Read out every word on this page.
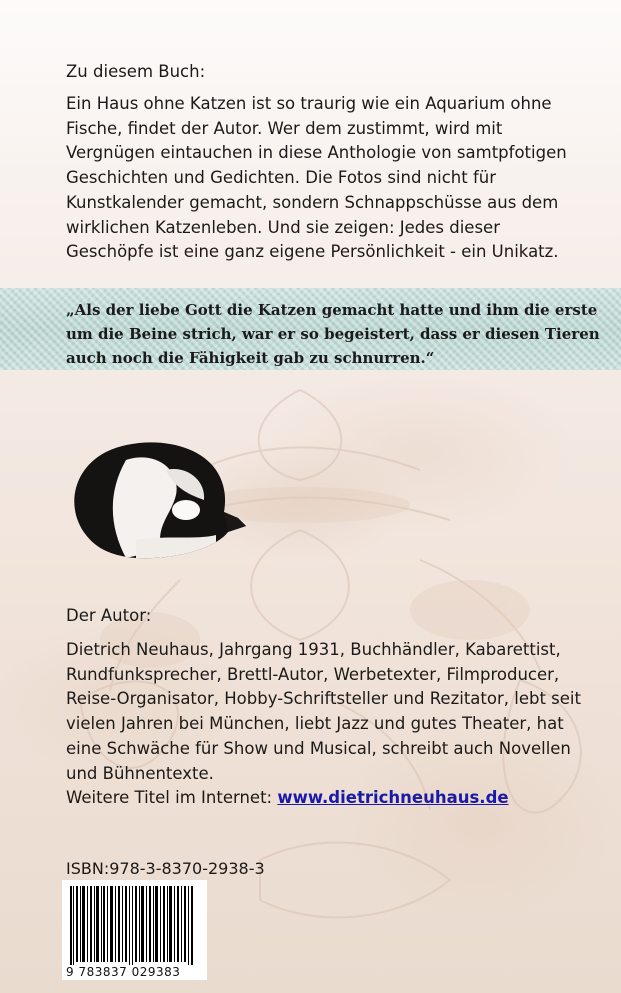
Zu diesem Buch:
Ein Haus ohne Katzen ist so traurig wie ein Aquarium ohne Fische, findet der Autor. Wer dem zustimmt, wird mit Vergnügen eintauchen in diese Anthologie von samtpfotigen Geschichten und Gedichten. Die Fotos sind nicht für Kunstkalender gemacht, sondern Schnappschüsse aus dem wirklichen Katzenleben. Und sie zeigen: Jedes dieser Geschöpfe ist eine ganz eigene Persönlichkeit - ein Unikatz.
„Als der liebe Gott die Katzen gemacht hatte und ihm die erste um die Beine strich, war er so begeistert, dass er diesen Tieren auch noch die Fähigkeit gab zu schnurren.“
Der Autor:
Dietrich Neuhaus, Jahrgang 1931, Buchhändler, Kabarettist, Rundfunksprecher, Brettl-Autor, Werbetexter, Filmproducer, Reise-Organisator, Hobby-Schriftsteller und Rezitator, lebt seit vielen Jahren bei München, liebt Jazz und gutes Theater, hat eine Schwäche für Show und Musical, schreibt auch Novellen und Bühnentexte.
Weitere Titel im Internet: www.dietrichneuhaus.de
ISBN:978-3-8370-2938-3
9 783837 029383
